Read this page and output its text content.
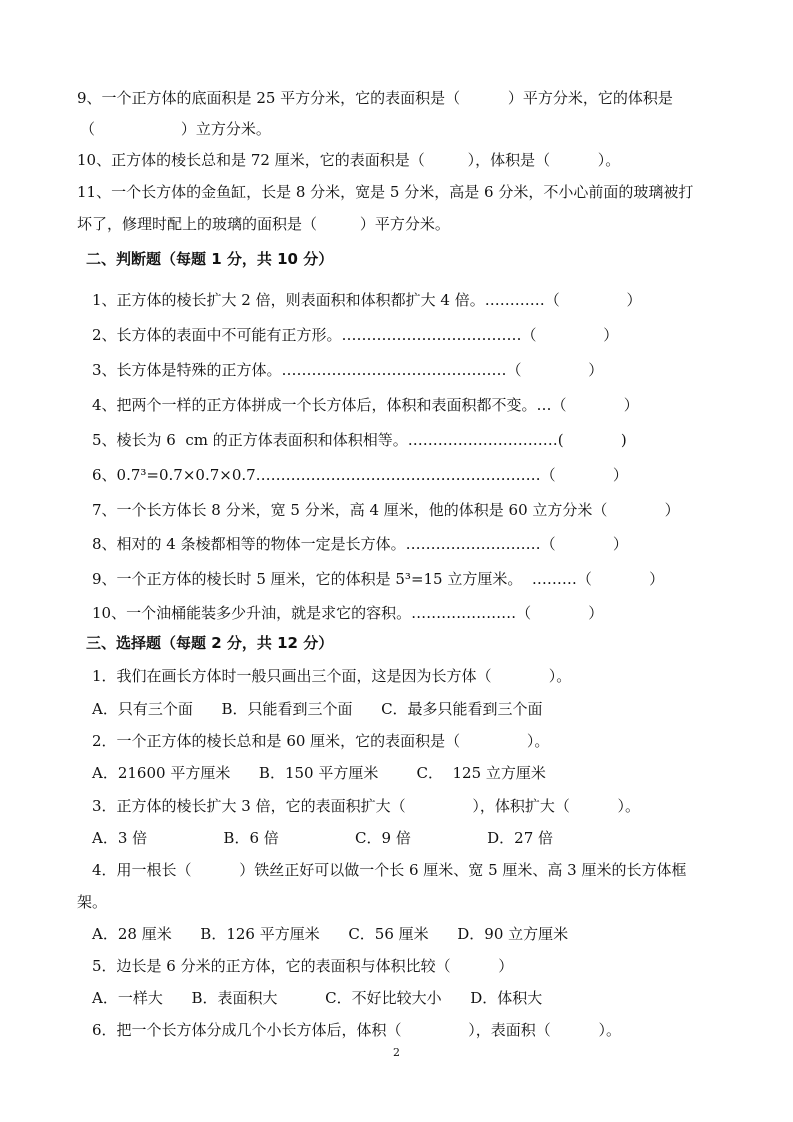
9、一个正方体的底面积是 25 平方分米，它的表面积是（          ）平方分米，它的体积是
（                  ）立方分米。
10、正方体的棱长总和是 72 厘米，它的表面积是（         ），体积是（          ）。
11、一个长方体的金鱼缸，长是 8 分米，宽是 5 分米，高是 6 分米，不小心前面的玻璃被打
坏了，修理时配上的玻璃的面积是（         ）平方分米。
二、判断题（每题 1 分，共 10 分）
1、正方体的棱长扩大 2 倍，则表面积和体积都扩大 4 倍。…………（              ）
2、长方体的表面中不可能有正方形。………………………………（              ）
3、长方体是特殊的正方体。………………………………………（              ）
4、把两个一样的正方体拼成一个长方体后，体积和表面积都不变。…（            ）
5、棱长为 6  cm 的正方体表面积和体积相等。…………………………(            )
6、0.7³=0.7×0.7×0.7…………………………………………………（            ）
7、一个长方体长 8 分米，宽 5 分米，高 4 厘米，他的体积是 60 立方分米（            ）
8、相对的 4 条棱都相等的物体一定是长方体。………………………（            ）
9、一个正方体的棱长时 5 厘米，它的体积是 5³=15 立方厘米。  ………（            ）
10、一个油桶能装多少升油，就是求它的容积。…………………（            ）
三、选择题（每题 2 分，共 12 分）
1．我们在画长方体时一般只画出三个面，这是因为长方体（            ）。
A．只有三个面      B．只能看到三个面      C．最多只能看到三个面
2．一个正方体的棱长总和是 60 厘米，它的表面积是（              ）。
A．21600 平方厘米      B．150 平方厘米        C．  125 立方厘米
3．正方体的棱长扩大 3 倍，它的表面积扩大（              ），体积扩大（          ）。
A．3 倍                B．6 倍                C．9 倍                D．27 倍
4．用一根长（          ）铁丝正好可以做一个长 6 厘米、宽 5 厘米、高 3 厘米的长方体框
架。
A．28 厘米      B．126 平方厘米      C．56 厘米      D．90 立方厘米
5．边长是 6 分米的正方体，它的表面积与体积比较（          ）
A．一样大      B．表面积大          C．不好比较大小      D．体积大
6．把一个长方体分成几个小长方体后，体积（              ），表面积（          ）。
2
